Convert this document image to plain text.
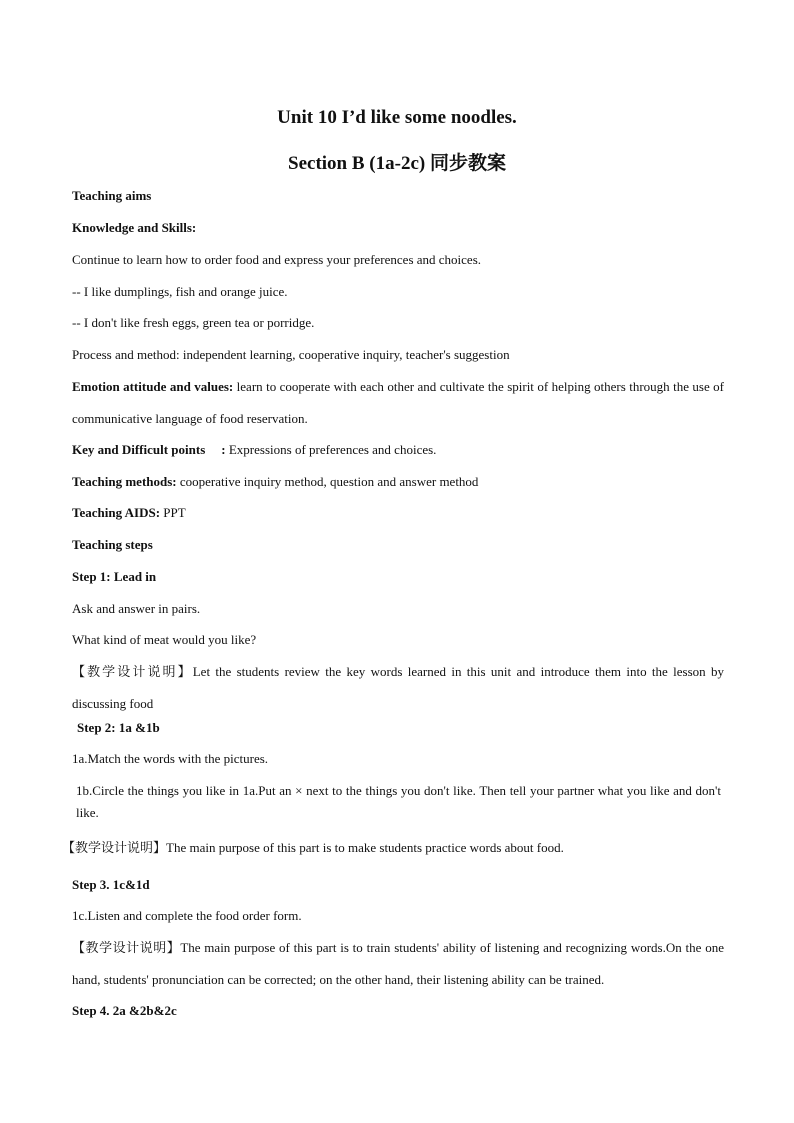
Unit 10 I’d like some noodles.
Section B (1a-2c) 同步教案

Teaching aims

Knowledge and Skills:

Continue to learn how to order food and express your preferences and choices.

-- I like dumplings, fish and orange juice.

-- I don't like fresh eggs, green tea or porridge.

Process and method: independent learning, cooperative inquiry, teacher's suggestion

Emotion attitude and values: learn to cooperate with each other and cultivate the spirit of helping others through the use of communicative language of food reservation.

Key and Difficult points : Expressions of preferences and choices.

Teaching methods: cooperative inquiry method, question and answer method

Teaching AIDS: PPT

Teaching steps

Step 1: Lead in

Ask and answer in pairs.

What kind of meat would you like?

【教学设计说明】Let the students review the key words learned in this unit and introduce them into the lesson by discussing food

Step 2: 1a &1b

1a.Match the words with the pictures.

1b.Circle the things you like in 1a.Put an × next to the things you don't like. Then tell your partner what you like and don't like.

【教学设计说明】The main purpose of this part is to make students practice words about food.

Step 3. 1c&1d

1c.Listen and complete the food order form.

【教学设计说明】The main purpose of this part is to train students' ability of listening and recognizing words.On the one hand, students' pronunciation can be corrected; on the other hand, their listening ability can be trained.

Step 4. 2a &2b&2c
